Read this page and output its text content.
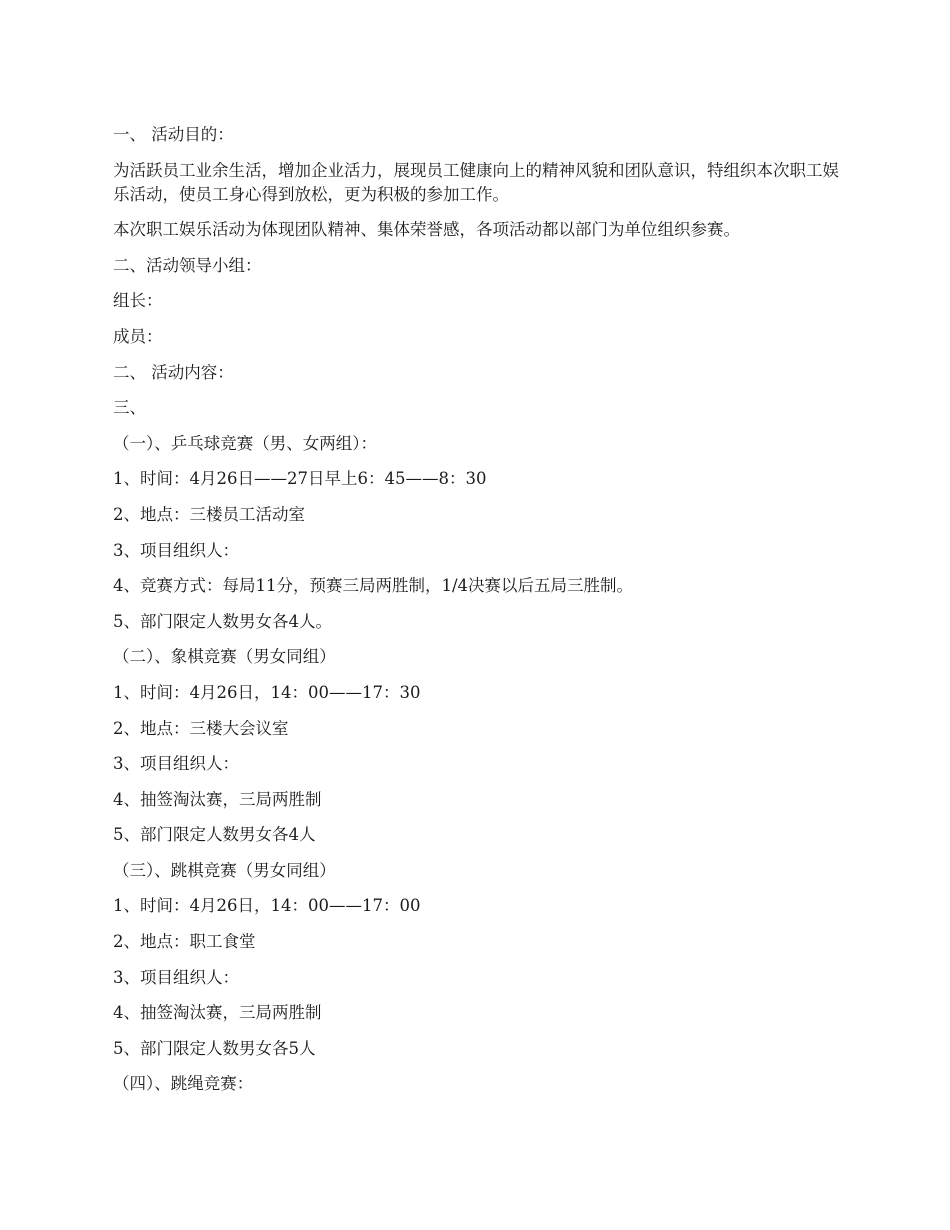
一、 活动目的：

为活跃员工业余生活，增加企业活力，展现员工健康向上的精神风貌和团队意识，特组织本次职工娱乐活动，使员工身心得到放松，更为积极的参加工作。

本次职工娱乐活动为体现团队精神、集体荣誉感，各项活动都以部门为单位组织参赛。

二、活动领导小组：

组长：

成员：

二、 活动内容：

三、

（一）、乒乓球竞赛（男、女两组）：

1、时间：4月26日——27日早上6：45——8：30

2、地点：三楼员工活动室

3、项目组织人：

4、竞赛方式：每局11分，预赛三局两胜制，1/4决赛以后五局三胜制。

5、部门限定人数男女各4人。

（二）、象棋竞赛（男女同组）

1、时间：4月26日，14：00——17：30

2、地点：三楼大会议室

3、项目组织人：

4、抽签淘汰赛，三局两胜制

5、部门限定人数男女各4人

（三）、跳棋竞赛（男女同组）

1、时间：4月26日，14：00——17：00

2、地点：职工食堂

3、项目组织人：

4、抽签淘汰赛，三局两胜制

5、部门限定人数男女各5人

（四）、跳绳竞赛：
